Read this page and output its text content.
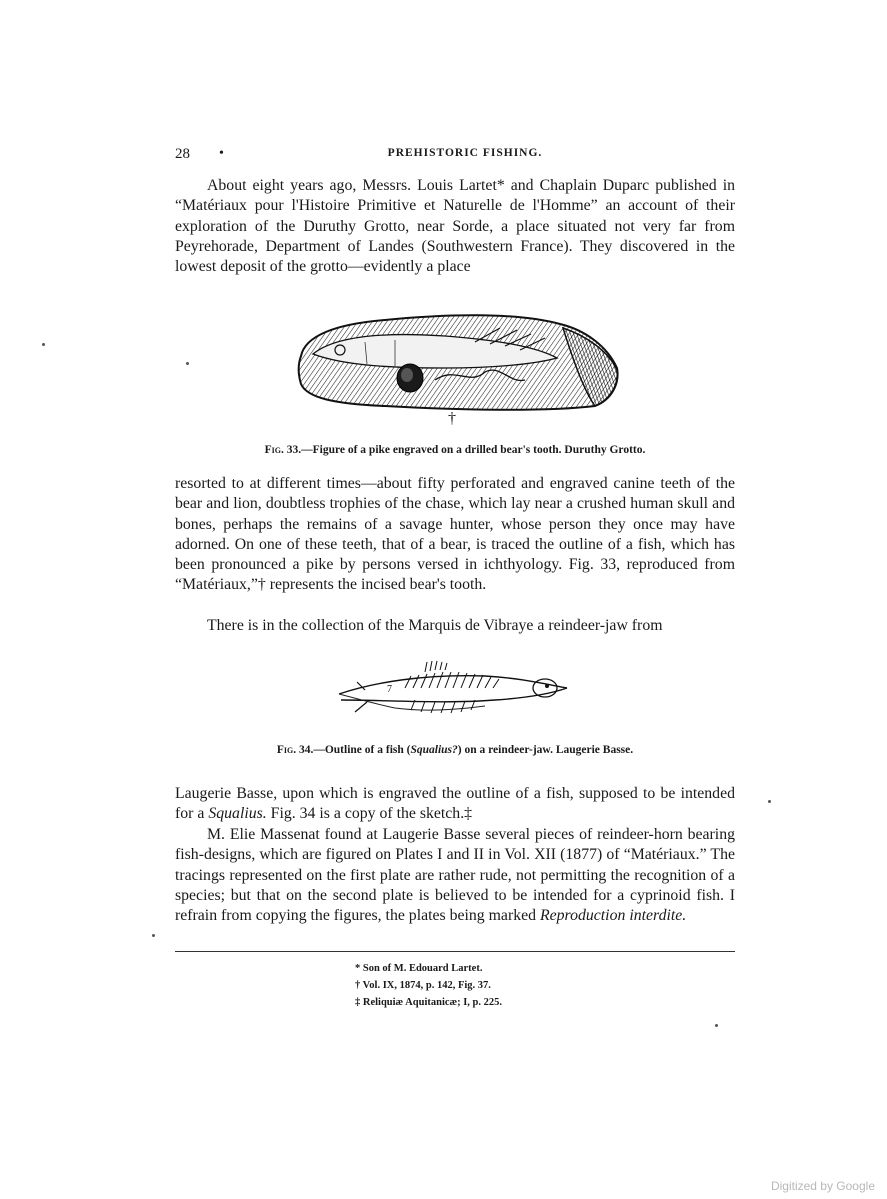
28 •	PREHISTORIC FISHING.

About eight years ago, Messrs. Louis Lartet* and Chaplain Duparc published in “Matériaux pour l'Histoire Primitive et Naturelle de l'Homme” an account of their exploration of the Duruthy Grotto, near Sorde, a place situated not very far from Peyrehorade, Department of Landes (Southwestern France). They discovered in the lowest deposit of the grotto—evidently a place

†
Fig. 33.—Figure of a pike engraved on a drilled bear's tooth. Duruthy Grotto.

resorted to at different times—about fifty perforated and engraved canine teeth of the bear and lion, doubtless trophies of the chase, which lay near a crushed human skull and bones, perhaps the remains of a savage hunter, whose person they once may have adorned. On one of these teeth, that of a bear, is traced the outline of a fish, which has been pronounced a pike by persons versed in ichthyology. Fig. 33, reproduced from “Matériaux,”† represents the incised bear's tooth.

There is in the collection of the Marquis de Vibraye a reindeer-jaw from

7
Fig. 34.—Outline of a fish (Squalius?) on a reindeer-jaw. Laugerie Basse.

Laugerie Basse, upon which is engraved the outline of a fish, supposed to be intended for a Squalius. Fig. 34 is a copy of the sketch.‡

M. Elie Massenat found at Laugerie Basse several pieces of reindeer-horn bearing fish-designs, which are figured on Plates I and II in Vol. XII (1877) of “Matériaux.” The tracings represented on the first plate are rather rude, not permitting the recognition of a species; but that on the second plate is believed to be intended for a cyprinoid fish. I refrain from copying the figures, the plates being marked Reproduction interdite.

* Son of M. Edouard Lartet.
† Vol. IX, 1874, p. 142, Fig. 37.
‡ Reliquiæ Aquitanicæ; I, p. 225.
Digitized by Google
